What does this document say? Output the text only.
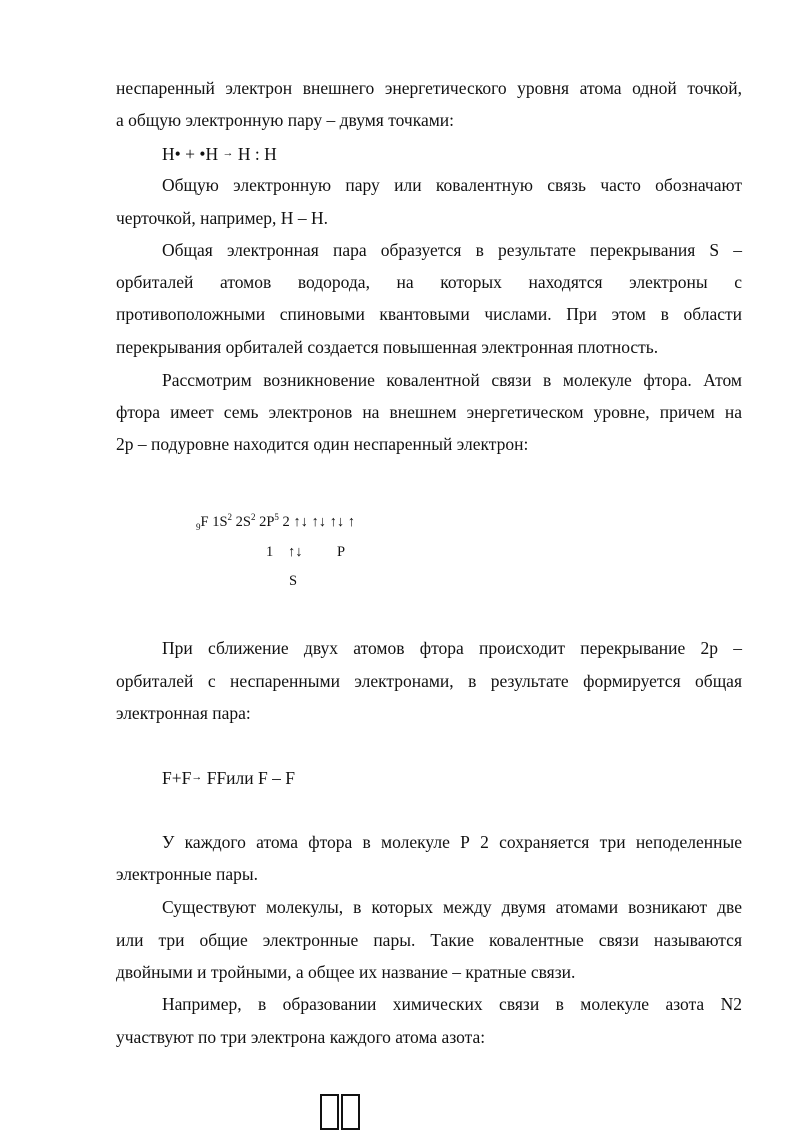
неспаренный электрон внешнего энергетического уровня атома одной точкой,

а общую электронную пару – двумя точками:

H• + •H → H : H

Общую электронную пару или ковалентную связь часто обозначают

черточкой, например, H – H.

Общая электронная пара образуется в результате перекрывания S –

орбиталей атомов водорода, на которых находятся электроны с

противоположными спиновыми квантовыми числами. При этом в области

перекрывания орбиталей создается повышенная электронная плотность.

Рассмотрим возникновение ковалентной связи в молекуле фтора. Атом

фтора имеет семь электронов на внешнем энергетическом уровне, причем на

2p – подуровне находится один неспаренный электрон:

$_9$F $1S^2$ $2S^2$ $2P^5$ 2 ↑↓ ↑↓ ↑↓ ↑
1 ↑↓ P
S

При сближение двух атомов фтора происходит перекрывание 2p –

орбиталей с неспаренными электронами, в результате формируется общая

электронная пара:

F+F→ FFили F – F

У каждого атома фтора в молекуле Р 2 сохраняется три неподеленные

электронные пары.

Существуют молекулы, в которых между двумя атомами возникают две

или три общие электронные пары. Такие ковалентные связи называются

двойными и тройными, а общее их название – кратные связи.

Например, в образовании химических связи в молекуле азота N2

участвуют по три электрона каждого атома азота:
